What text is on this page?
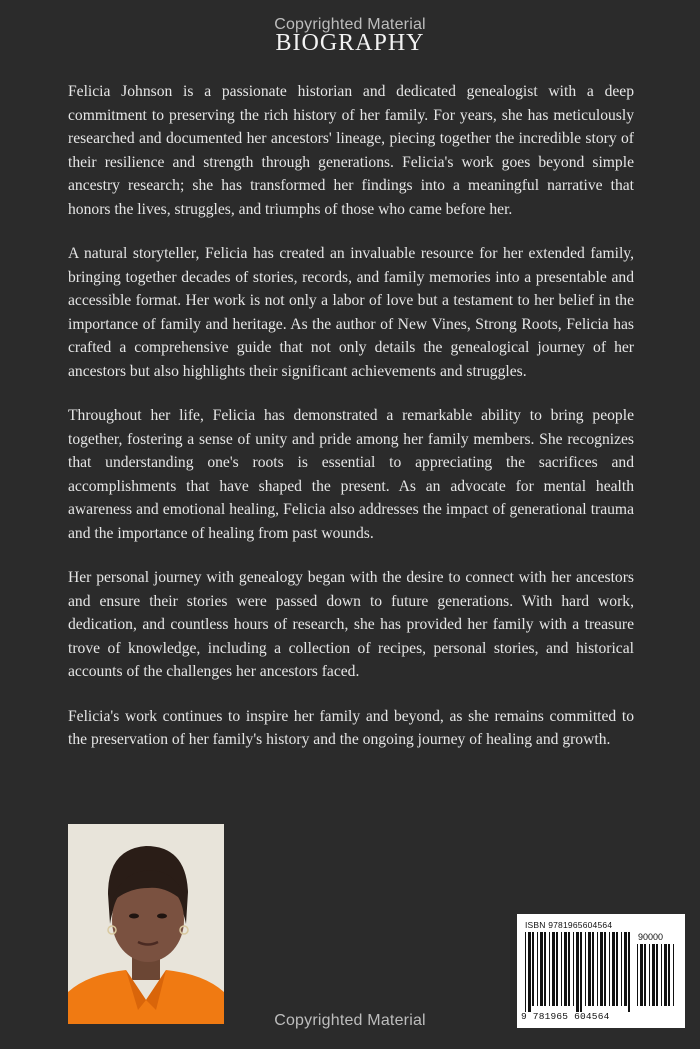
Copyrighted Material
BIOGRAPHY

Felicia Johnson is a passionate historian and dedicated genealogist with a deep commitment to preserving the rich history of her family. For years, she has meticulously researched and documented her ancestors' lineage, piecing together the incredible story of their resilience and strength through generations. Felicia's work goes beyond simple ancestry research; she has transformed her findings into a meaningful narrative that honors the lives, struggles, and triumphs of those who came before her.

A natural storyteller, Felicia has created an invaluable resource for her extended family, bringing together decades of stories, records, and family memories into a presentable and accessible format. Her work is not only a labor of love but a testament to her belief in the importance of family and heritage. As the author of New Vines, Strong Roots, Felicia has crafted a comprehensive guide that not only details the genealogical journey of her ancestors but also highlights their significant achievements and struggles.

Throughout her life, Felicia has demonstrated a remarkable ability to bring people together, fostering a sense of unity and pride among her family members. She recognizes that understanding one's roots is essential to appreciating the sacrifices and accomplishments that have shaped the present. As an advocate for mental health awareness and emotional healing, Felicia also addresses the impact of generational trauma and the importance of healing from past wounds.

Her personal journey with genealogy began with the desire to connect with her ancestors and ensure their stories were passed down to future generations. With hard work, dedication, and countless hours of research, she has provided her family with a treasure trove of knowledge, including a collection of recipes, personal stories, and historical accounts of the challenges her ancestors faced.

Felicia's work continues to inspire her family and beyond, as she remains committed to the preservation of her family's history and the ongoing journey of healing and growth.

ISBN 9781965604564
90000
9 781965 604564
Copyrighted Material
